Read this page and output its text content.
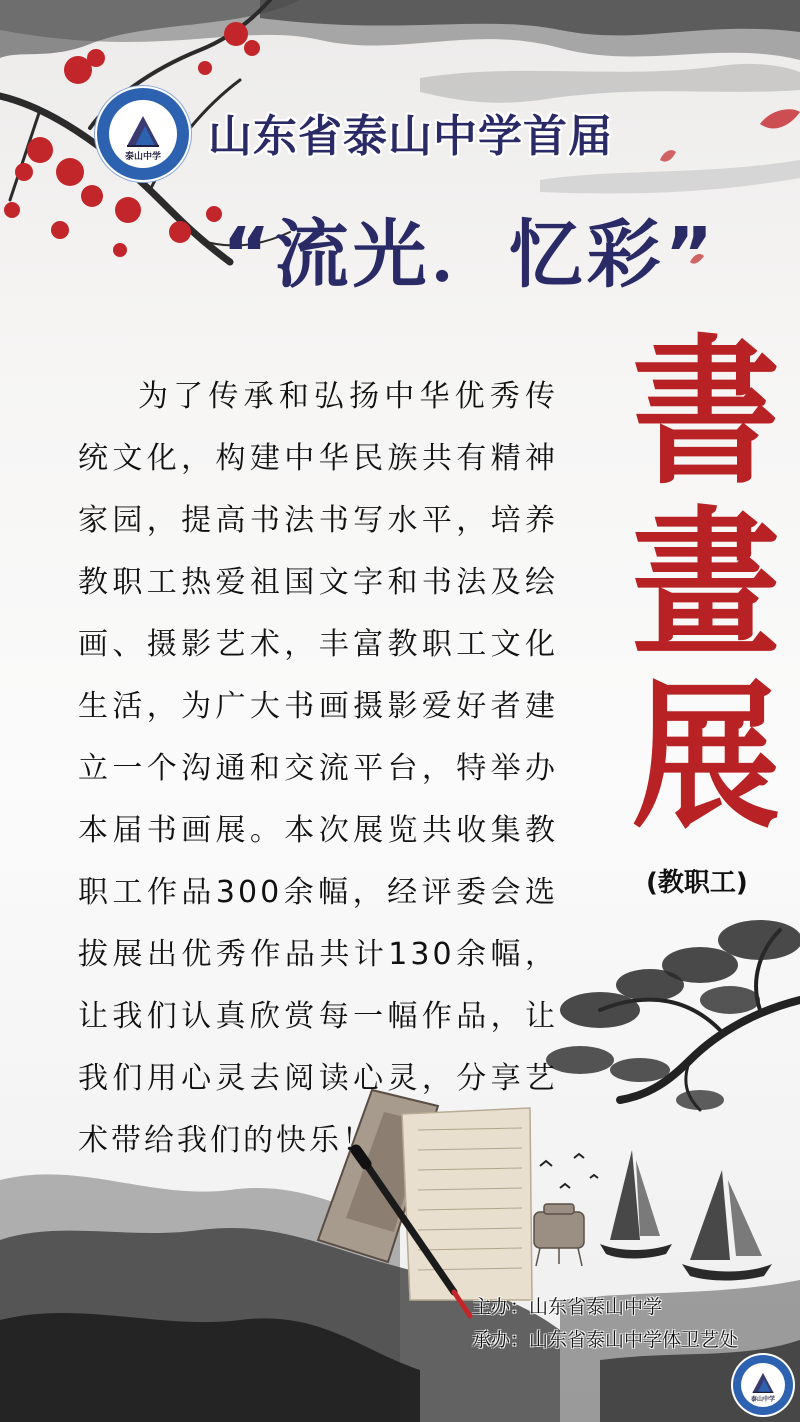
泰山中学	山东省泰山中学首届
“流光．忆彩”
为了传承和弘扬中华优秀传统文化，构建中华民族共有精神家园，提高书法书写水平，培养教职工热爱祖国文字和书法及绘画、摄影艺术，丰富教职工文化生活，为广大书画摄影爱好者建立一个沟通和交流平台，特举办本届书画展。本次展览共收集教职工作品300余幅，经评委会选拔展出优秀作品共计130余幅，让我们认真欣赏每一幅作品，让我们用心灵去阅读心灵，分享艺术带给我们的快乐！
書
畫
展
(教职工)
主办：山东省泰山中学
承办：山东省泰山中学体卫艺处
泰山中学
